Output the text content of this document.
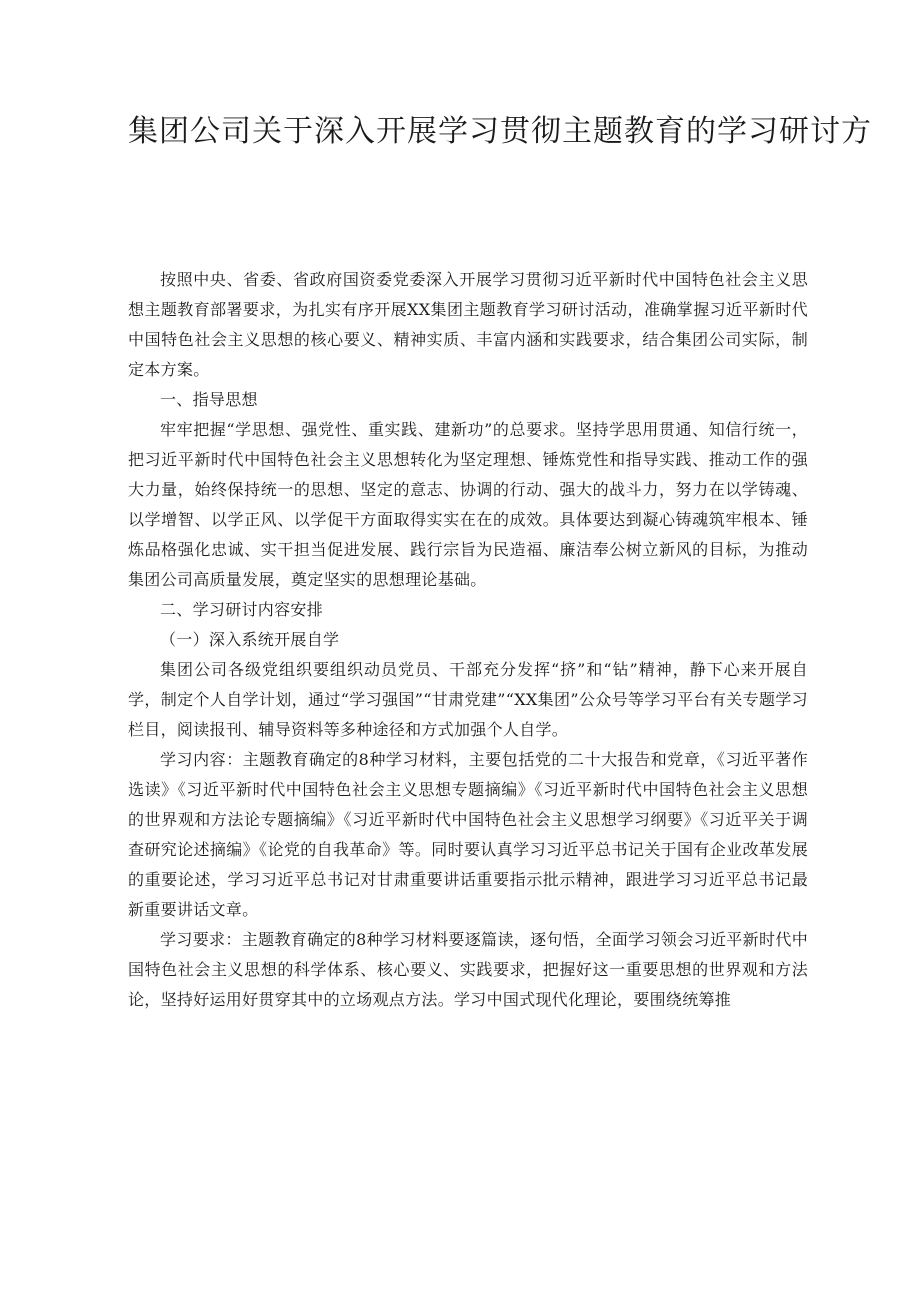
集团公司关于深入开展学习贯彻主题教育的学习研讨方

按照中央、省委、省政府国资委党委深入开展学习贯彻习近平新时代中国特色社会主义思想主题教育部署要求，为扎实有序开展XX集团主题教育学习研讨活动，准确掌握习近平新时代中国特色社会主义思想的核心要义、精神实质、丰富内涵和实践要求，结合集团公司实际，制定本方案。

一、指导思想

牢牢把握“学思想、强党性、重实践、建新功”的总要求。坚持学思用贯通、知信行统一，把习近平新时代中国特色社会主义思想转化为坚定理想、锤炼党性和指导实践、推动工作的强大力量，始终保持统一的思想、坚定的意志、协调的行动、强大的战斗力，努力在以学铸魂、以学增智、以学正风、以学促干方面取得实实在在的成效。具体要达到凝心铸魂筑牢根本、锤炼品格强化忠诚、实干担当促进发展、践行宗旨为民造福、廉洁奉公树立新风的目标，为推动集团公司高质量发展，奠定坚实的思想理论基础。

二、学习研讨内容安排

（一）深入系统开展自学

集团公司各级党组织要组织动员党员、干部充分发挥“挤”和“钻”精神，静下心来开展自学，制定个人自学计划，通过“学习强国”“甘肃党建”“XX集团”公众号等学习平台有关专题学习栏目，阅读报刊、辅导资料等多种途径和方式加强个人自学。

学习内容：主题教育确定的8种学习材料，主要包括党的二十大报告和党章，《习近平著作选读》《习近平新时代中国特色社会主义思想专题摘编》《习近平新时代中国特色社会主义思想的世界观和方法论专题摘编》《习近平新时代中国特色社会主义思想学习纲要》《习近平关于调查研究论述摘编》《论党的自我革命》等。同时要认真学习习近平总书记关于国有企业改革发展的重要论述，学习习近平总书记对甘肃重要讲话重要指示批示精神，跟进学习习近平总书记最新重要讲话文章。

学习要求：主题教育确定的8种学习材料要逐篇读，逐句悟，全面学习领会习近平新时代中国特色社会主义思想的科学体系、核心要义、实践要求，把握好这一重要思想的世界观和方法论，坚持好运用好贯穿其中的立场观点方法。学习中国式现代化理论，要围绕统筹推
